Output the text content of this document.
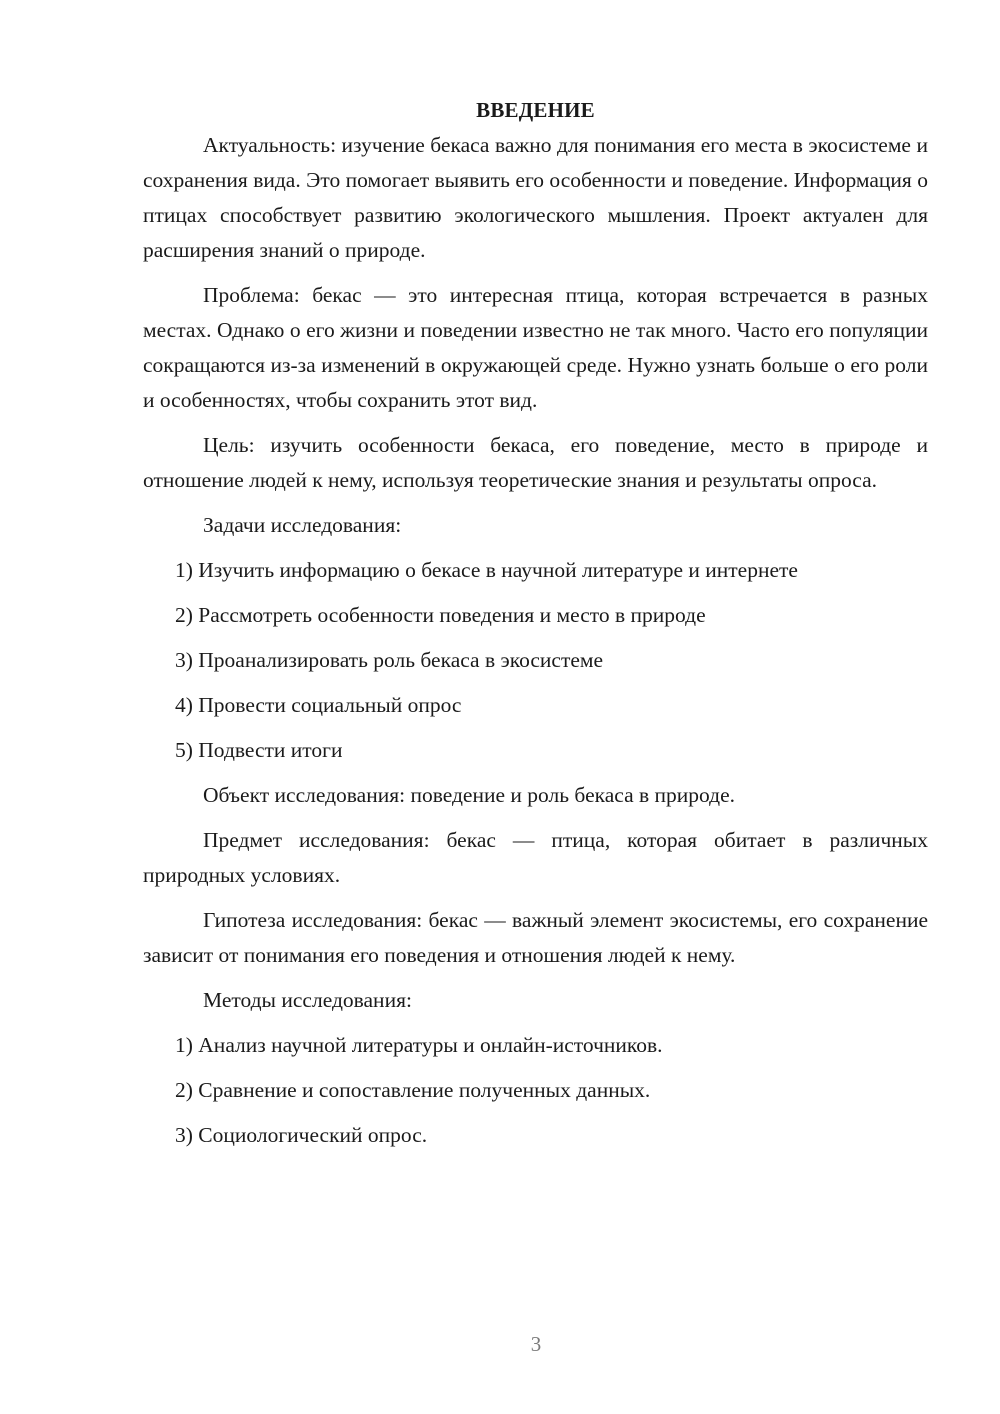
ВВЕДЕНИЕ

Актуальность: изучение бекаса важно для понимания его места в экосистеме и сохранения вида. Это помогает выявить его особенности и поведение. Информация о птицах способствует развитию экологического мышления. Проект актуален для расширения знаний о природе.

Проблема: бекас — это интересная птица, которая встречается в разных местах. Однако о его жизни и поведении известно не так много. Часто его популяции сокращаются из-за изменений в окружающей среде. Нужно узнать больше о его роли и особенностях, чтобы сохранить этот вид.

Цель: изучить особенности бекаса, его поведение, место в природе и отношение людей к нему, используя теоретические знания и результаты опроса.

Задачи исследования:

1) Изучить информацию о бекасе в научной литературе и интернете
2) Рассмотреть особенности поведения и место в природе
3) Проанализировать роль бекаса в экосистеме
4) Провести социальный опрос
5) Подвести итоги

Объект исследования: поведение и роль бекаса в природе.

Предмет исследования: бекас — птица, которая обитает в различных природных условиях.

Гипотеза исследования: бекас — важный элемент экосистемы, его сохранение зависит от понимания его поведения и отношения людей к нему.

Методы исследования:

1) Анализ научной литературы и онлайн-источников.
2) Сравнение и сопоставление полученных данных.
3) Социологический опрос.
3
